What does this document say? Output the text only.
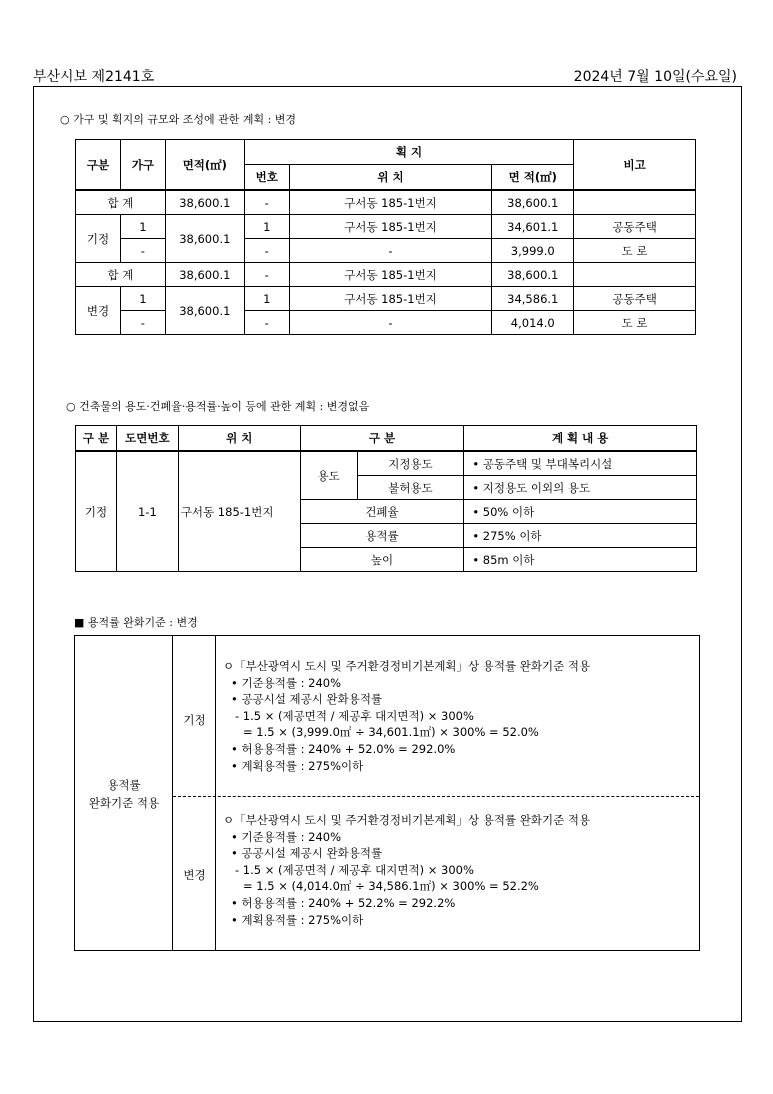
부산시보 제2141호	2024년 7월 10일(수요일)
○ 가구 및 획지의 규모와 조성에 관한 계획 : 변경
구분	가구	면적(㎡)	획 지			비고
			번호	위 치	면 적(㎡)	
합 계		38,600.1	-	구서동 185-1번지	38,600.1	
기정	1	38,600.1	1	구서동 185-1번지	34,601.1	공동주택
	-		-	-	3,999.0	도 로
합 계		38,600.1	-	구서동 185-1번지	38,600.1	
변경	1	38,600.1	1	구서동 185-1번지	34,586.1	공동주택
	-		-	-	4,014.0	도 로
○ 건축물의 용도·건폐율·용적률·높이 등에 관한 계획 : 변경없음
구 분	도면번호	위 치	구 분		계 획 내 용
기정	1-1	구서동 185-1번지	용도	지정용도	• 공동주택 및 부대복리시설
				불허용도	• 지정용도 이외의 용도
			건폐율		• 50% 이하
			용적률		• 275% 이하
			높이		• 85m 이하
■ 용적률 완화기준 : 변경
용적률
완화기준 적용
기정
ㅇ「부산광역시 도시 및 주거환경정비기본계획」상 용적률 완화기준 적용
• 기준용적률 : 240%
• 공공시설 제공시 완화용적률
- 1.5 × (제공면적 / 제공후 대지면적) × 300%
= 1.5 × (3,999.0㎡ ÷ 34,601.1㎡) × 300% = 52.0%
• 허용용적률 : 240% + 52.0% = 292.0%
• 계획용적률 : 275%이하
변경
ㅇ「부산광역시 도시 및 주거환경정비기본계획」상 용적률 완화기준 적용
• 기준용적률 : 240%
• 공공시설 제공시 완화용적률
- 1.5 × (제공면적 / 제공후 대지면적) × 300%
= 1.5 × (4,014.0㎡ ÷ 34,586.1㎡) × 300% = 52.2%
• 허용용적률 : 240% + 52.2% = 292.2%
• 계획용적률 : 275%이하
